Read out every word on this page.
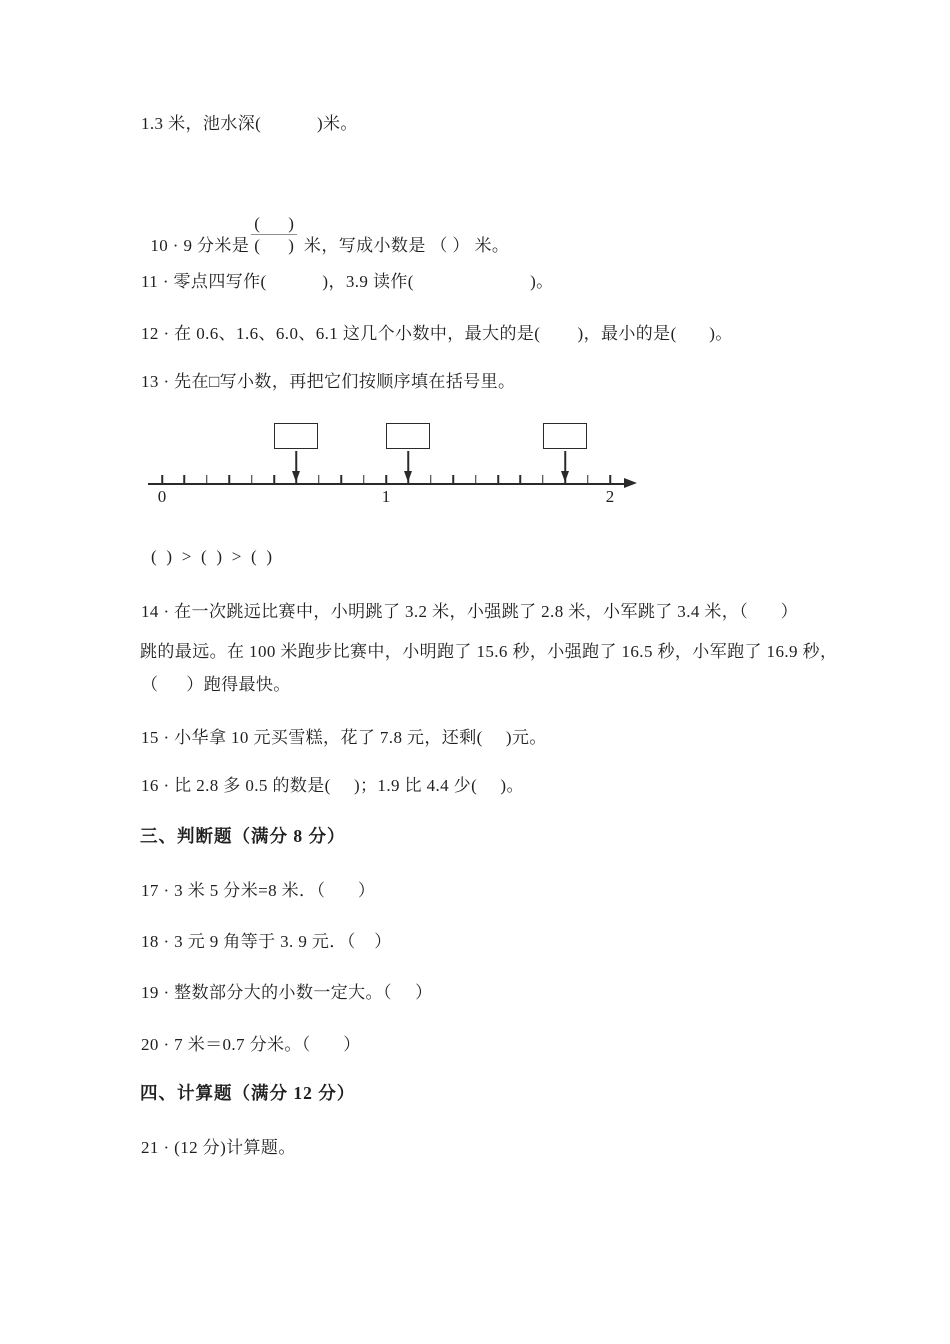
1.3 米，池水深(            )米。

10 · 9 分米是 $\frac{( )}{( )}$ 米，写成小数是 （ ） 米。

11 · 零点四写作(            )，3.9 读作(                         )。
12 · 在 0.6、1.6、6.0、6.1 这几个小数中，最大的是(        )，最小的是(       )。
13 · 先在□写小数，再把它们按顺序填在括号里。
0	1	2
(  )  >  (  )  >  (  )
14 · 在一次跳远比赛中，小明跳了 3.2 米，小强跳了 2.8 米，小军跳了 3.4 米，（       ）
跳的最远。在 100 米跑步比赛中，小明跑了 15.6 秒，小强跑了 16.5 秒，小军跑了 16.9 秒，
（      ）跑得最快。
15 · 小华拿 10 元买雪糕，花了 7.8 元，还剩(     )元。
16 · 比 2.8 多 0.5 的数是(     )；1.9 比 4.4 少(     )。
三、判断题（满分 8 分）
17 · 3 米 5 分米=8 米．（       ）
18 · 3 元 9 角等于 3. 9 元．（    ）
19 · 整数部分大的小数一定大。（     ）
20 · 7 米＝0.7 分米。（       ）
四、计算题（满分 12 分）
21 · (12 分)计算题。
